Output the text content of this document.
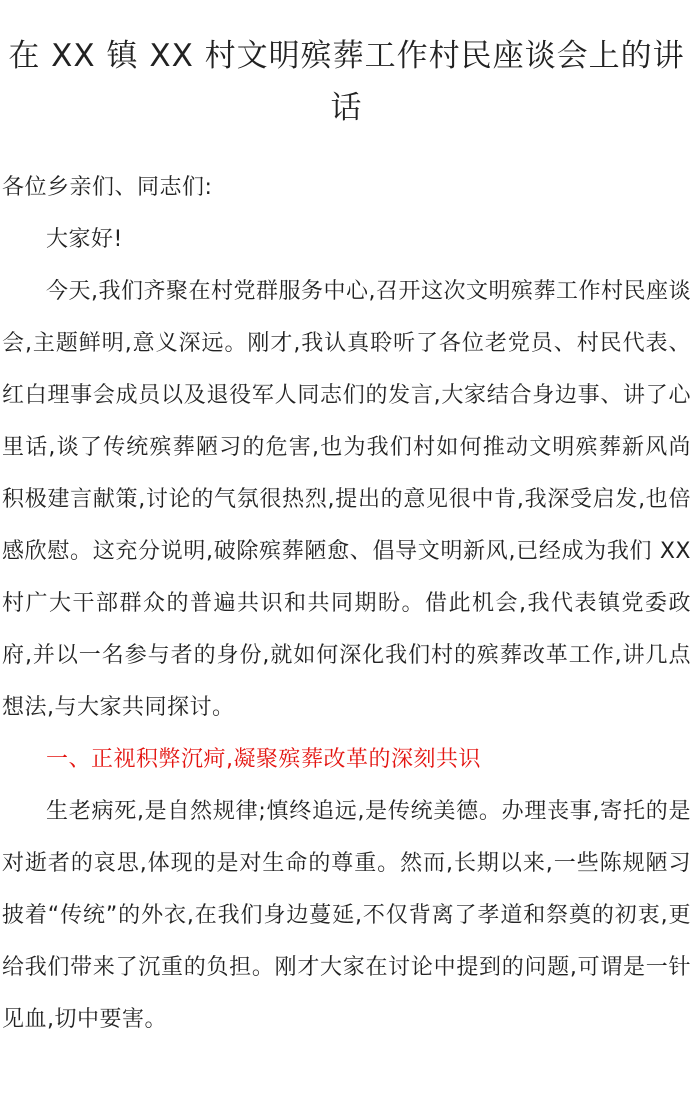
在 XX 镇 XX 村文明殡葬工作村民座谈会上的讲话

各位乡亲们、同志们:

大家好!

今天,我们齐聚在村党群服务中心,召开这次文明殡葬工作村民座谈会,主题鲜明,意义深远。刚才,我认真聆听了各位老党员、村民代表、红白理事会成员以及退役军人同志们的发言,大家结合身边事、讲了心里话,谈了传统殡葬陋习的危害,也为我们村如何推动文明殡葬新风尚积极建言献策,讨论的气氛很热烈,提出的意见很中肯,我深受启发,也倍感欣慰。这充分说明,破除殡葬陋愈、倡导文明新风,已经成为我们 XX 村广大干部群众的普遍共识和共同期盼。借此机会,我代表镇党委政府,并以一名参与者的身份,就如何深化我们村的殡葬改革工作,讲几点想法,与大家共同探讨。

一、正视积弊沉疴,凝聚殡葬改革的深刻共识

生老病死,是自然规律;慎终追远,是传统美德。办理丧事,寄托的是对逝者的哀思,体现的是对生命的尊重。然而,长期以来,一些陈规陋习披着“传统”的外衣,在我们身边蔓延,不仅背离了孝道和祭奠的初衷,更给我们带来了沉重的负担。刚才大家在讨论中提到的问题,可谓是一针见血,切中要害。
